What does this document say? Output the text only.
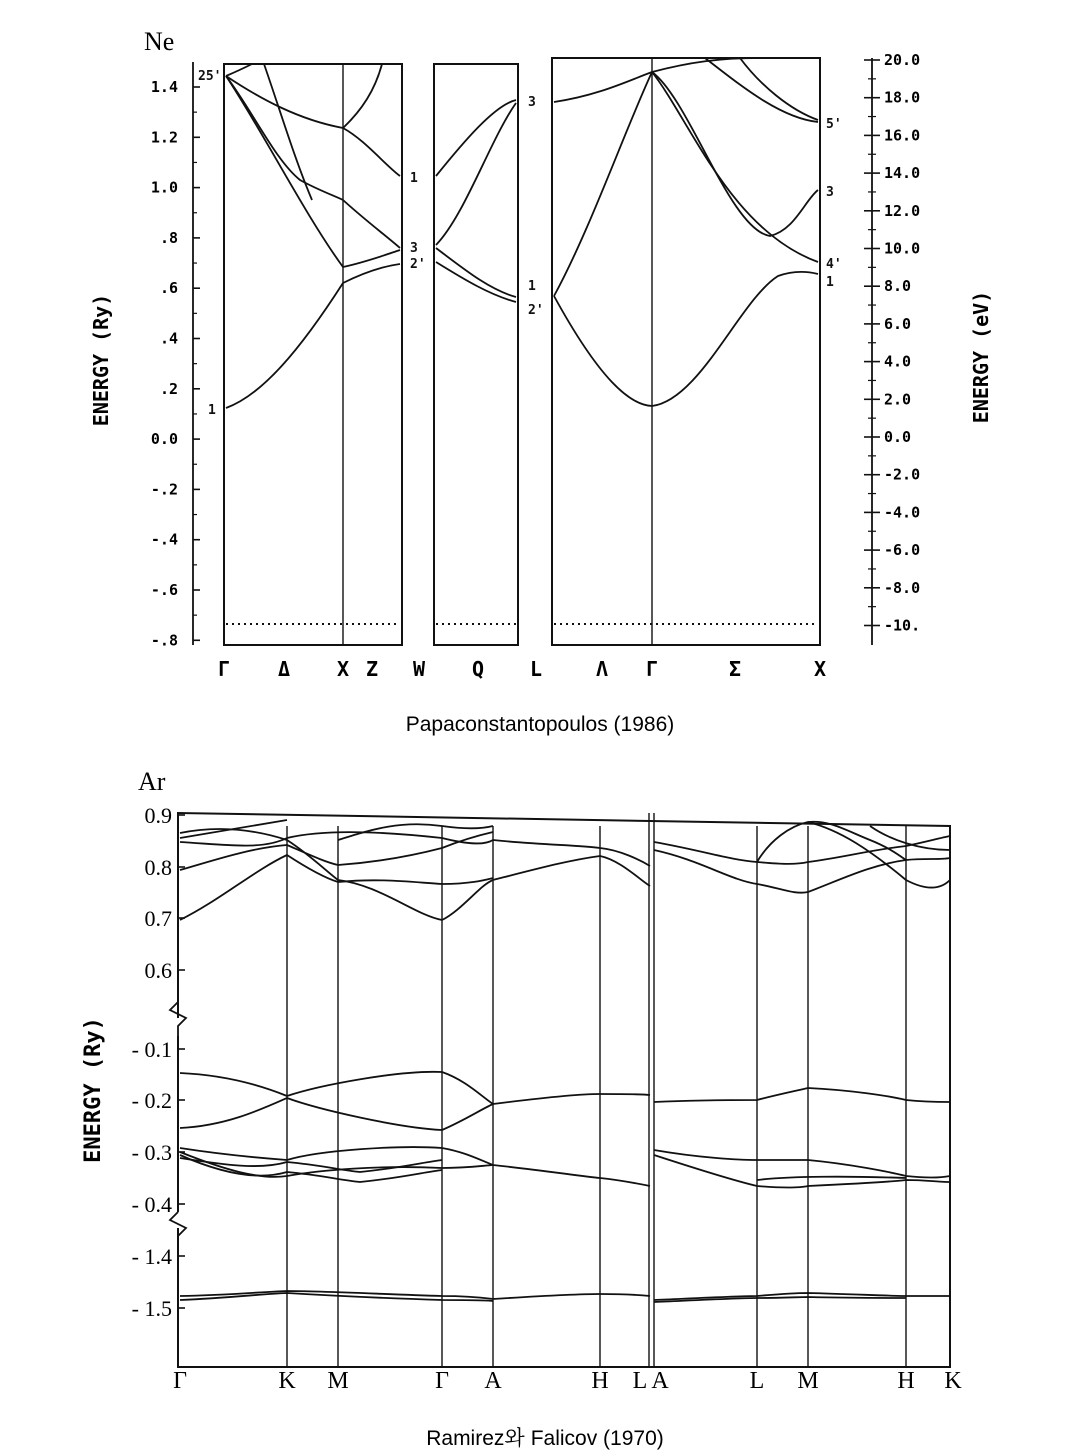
Ne
1.4
1.2
1.0
.8
.6
.4
.2
0.0
-.2
-.4
-.6
-.8
ENERGY (Ry)
20.0
18.0
16.0
14.0
12.0
10.0
8.0
6.0
4.0
2.0
0.0
-2.0
-4.0
-6.0
-8.0
-10.
ENERGY (eV)
25'
1
1
3
2'
1
3
2'
5'
3
4'
1
Γ Δ X Z W Q L	Λ Γ	Σ	X
Papaconstantopoulos (1986)
Ar
0.9
0.8
0.7
0.6
- 0.1
- 0.2
- 0.3
- 0.4
- 1.4
- 1.5
ENERGY (Ry)
Γ	K M	Γ A	H L A	L M	H K
Ramirez와 Falicov (1970)
